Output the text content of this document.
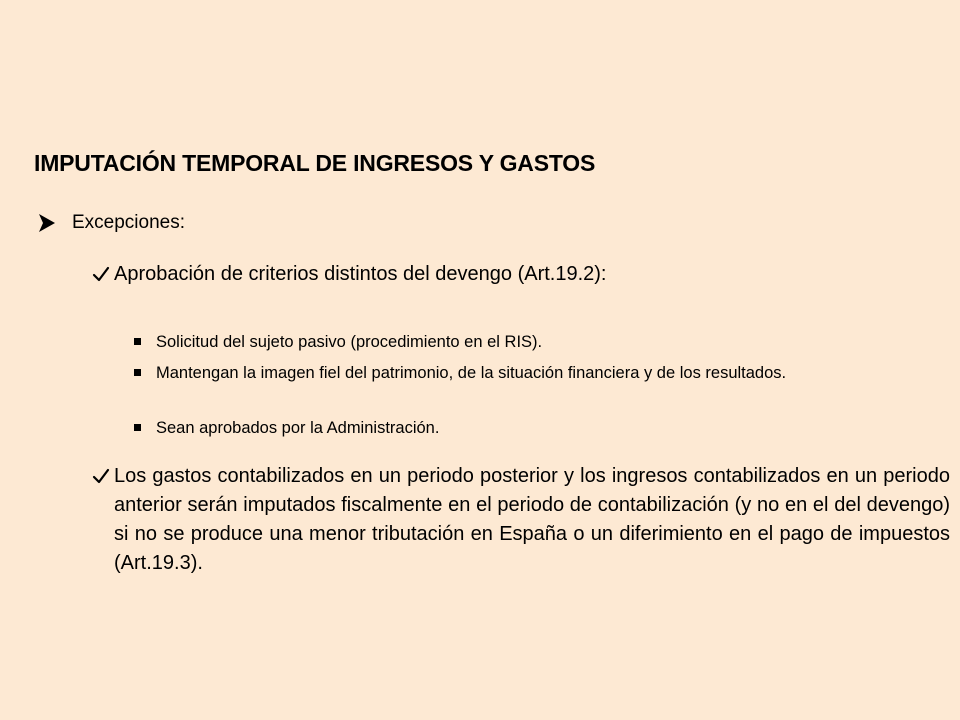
IMPUTACIÓN TEMPORAL DE INGRESOS Y GASTOS
Excepciones:
Aprobación de criterios distintos del devengo (Art.19.2):
Solicitud del sujeto pasivo (procedimiento en el RIS).
Mantengan la imagen fiel del patrimonio, de la situación financiera y de los resultados.
Sean aprobados por la Administración.
Los gastos contabilizados en un periodo posterior y los ingresos contabilizados en un periodo anterior serán imputados fiscalmente en el periodo de contabilización (y no en el del devengo) si no se produce una menor tributación en España o un diferimiento en el pago de impuestos (Art.19.3).
